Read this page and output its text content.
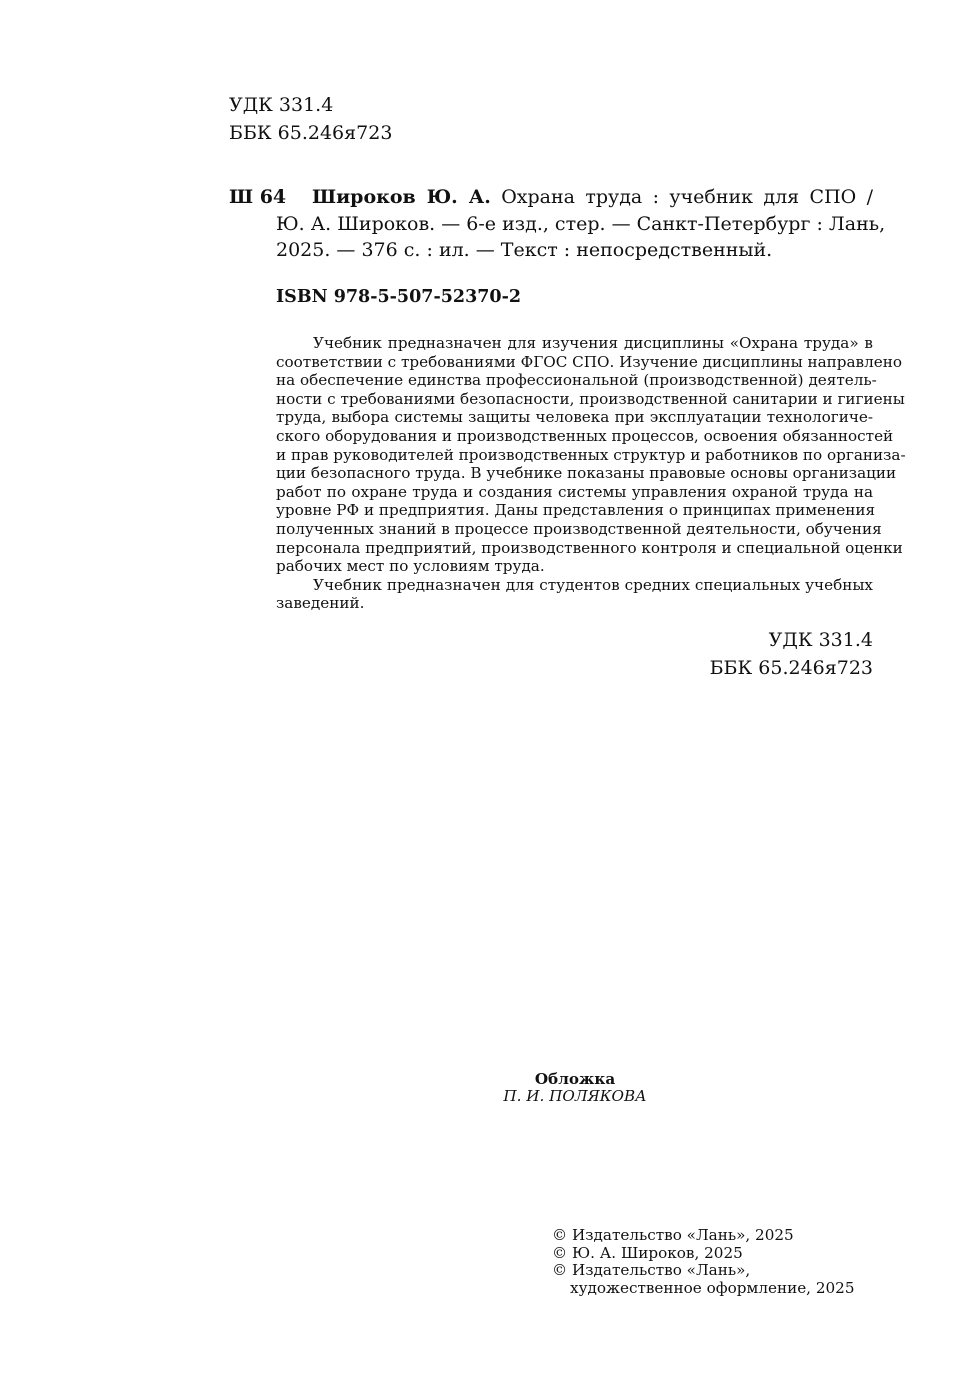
УДК 331.4
ББК 65.246я723
Ш 64 Широков Ю. А. Охрана труда : учебник для СПО /
Ю. А. Широков. — 6-е изд., стер. — Санкт-Петербург : Лань,
2025. — 376 с. : ил. — Текст : непосредственный.
ISBN 978-5-507-52370-2
Учебник предназначен для изучения дисциплины «Охрана труда» в
соответствии с требованиями ФГОС СПО. Изучение дисциплины направлено
на обеспечение единства профессиональной (производственной) деятель-
ности с требованиями безопасности, производственной санитарии и гигиены
труда, выбора системы защиты человека при эксплуатации технологиче-
ского оборудования и производственных процессов, освоения обязанностей
и прав руководителей производственных структур и работников по организа-
ции безопасного труда. В учебнике показаны правовые основы организации
работ по охране труда и создания системы управления охраной труда на
уровне РФ и предприятия. Даны представления о принципах применения
полученных знаний в процессе производственной деятельности, обучения
персонала предприятий, производственного контроля и специальной оценки
рабочих мест по условиям труда.
Учебник предназначен для студентов средних специальных учебных
заведений.
УДК 331.4
ББК 65.246я723
Обложка
П. И. ПОЛЯКОВА
© Издательство «Лань», 2025
© Ю. А. Широков, 2025
© Издательство «Лань»,
художественное оформление, 2025
